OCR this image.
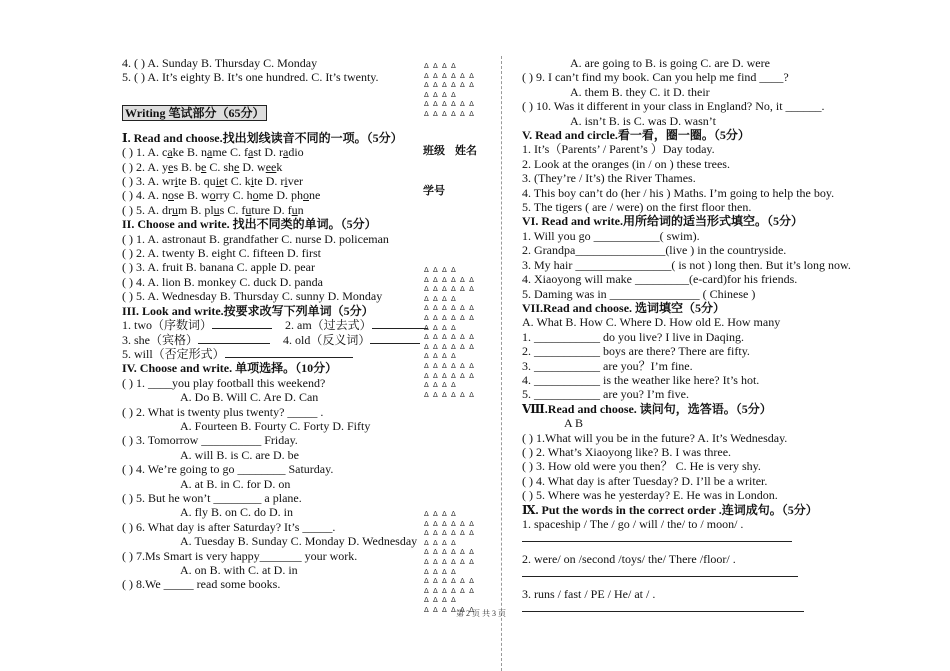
4. ( ) A. Sunday B. Thursday C. Monday
5. ( ) A. It’s eighty B. It’s one hundred. C. It’s twenty.
Writing 笔试部分（65分）
Ⅰ. Read and choose.找出划线读音不同的一项。（5分）
( ) 1. A. cake B. name C. fast D. radio
( ) 2. A. yes B. be C. she D. week
( ) 3. A. write B. quiet C. kite D. river
( ) 4. A. nose B. worry C. home D. phone
( ) 5. A. drum B. plus C. future D. fun
II. Choose and write. 找出不同类的单词。（5分）
( ) 1. A. astronaut B. grandfather C. nurse D. policeman
( ) 2. A. twenty B. eight C. fifteen D. first
( ) 3. A. fruit B. banana C. apple D. pear
( ) 4. A. lion B. monkey C. duck D. panda
( ) 5. A. Wednesday B. Thursday C. sunny D. Monday
III. Look and write.按要求改写下列单词（5分）
1. two（序数词）	2. am（过去式）
3. she（宾格）	4. old（反义词）
5. will（否定形式）
IV. Choose and write. 单项选择。（10分）
( ) 1. ____you play football this weekend?
A. Do B. Will C. Are D. Can
( ) 2. What is twenty plus twenty? _____ .
A. Fourteen B. Fourty C. Forty D. Fifty
( ) 3. Tomorrow __________ Friday.
A. will B. is C. are D. be
( ) 4. We’re going to go ________ Saturday.
A. at B. in C. for D. on
( ) 5. But he won’t ________ a plane.
A. fly B. on C. do D. in
( ) 6. What day is after Saturday? It’s _____.
A. Tuesday B. Sunday C. Monday D. Wednesday
( ) 7.Ms Smart is very happy_______ your work.
A. on B. with C. at D. in
( ) 8.We _____ read some books.
Δ Δ Δ Δ
Δ Δ Δ Δ Δ Δ
Δ Δ Δ Δ Δ Δ
Δ Δ Δ Δ
Δ Δ Δ Δ Δ Δ
Δ Δ Δ Δ Δ Δ
Δ Δ Δ Δ
Δ Δ Δ Δ Δ Δ
Δ Δ Δ Δ Δ Δ
Δ Δ Δ Δ
Δ Δ Δ Δ Δ Δ
Δ Δ Δ Δ Δ Δ
Δ Δ Δ Δ
Δ Δ Δ Δ Δ Δ
Δ Δ Δ Δ Δ Δ
Δ Δ Δ Δ
Δ Δ Δ Δ Δ Δ
Δ Δ Δ Δ Δ Δ
Δ Δ Δ Δ
Δ Δ Δ Δ Δ Δ
Δ Δ Δ Δ
Δ Δ Δ Δ Δ Δ
Δ Δ Δ Δ Δ Δ
Δ Δ Δ Δ
Δ Δ Δ Δ Δ Δ
Δ Δ Δ Δ Δ Δ
Δ Δ Δ Δ
Δ Δ Δ Δ Δ Δ
Δ Δ Δ Δ Δ Δ
Δ Δ Δ Δ
Δ Δ Δ Δ Δ Δ
班级 姓名
学号
A. are going to B. is going C. are D. were
( ) 9. I can’t find my book. Can you help me find ____?
A. them B. they C. it D. their
( ) 10. Was it different in your class in England? No, it ______.
A. isn’t B. is C. was D. wasn’t
V. Read and circle.看一看，圈一圈。（5分）
1. It’s（Parents’ / Parent’s ）Day today.
2. Look at the oranges (in / on ) these trees.
3. (They’re / It’s) the River Thames.
4. This boy can’t do (her / his ) Maths. I’m going to help the boy.
5. The tigers ( are / were) on the first floor then.
VI. Read and write.用所给词的适当形式填空。（5分）
1. Will you go ___________( swim).
2. Grandpa_______________(live ) in the countryside.
3. My hair ________________( is not ) long then. But it’s long now.
4. Xiaoyong will make _________(e-card)for his friends.
5. Daming was in _______________ ( Chinese )
VII.Read and choose. 选词填空（5分）
A. What B. How C. Where D. How old E. How many
1. ___________ do you live? I live in Daqing.
2. ___________ boys are there? There are fifty.
3. ___________ are you？I’m fine.
4. ___________ is the weather like here? It’s hot.
5. ___________ are you? I’m five.
Ⅷ.Read and choose. 读问句，选答语。（5分）
A B
( ) 1.What will you be in the future? A. It’s Wednesday.
( ) 2. What’s Xiaoyong like? B. I was three.
( ) 3. How old were you then？ C. He is very shy.
( ) 4. What day is after Tuesday? D. I’ll be a writer.
( ) 5. Where was he yesterday? E. He was in London.
Ⅸ. Put the words in the correct order .连词成句。（5分）
1. spaceship / The / go / will / the/ to / moon/ .
2. were/ on /second /toys/ the/ There /floor/ .
3. runs / fast / PE / He/ at / .
第 2 页 共 3 页
